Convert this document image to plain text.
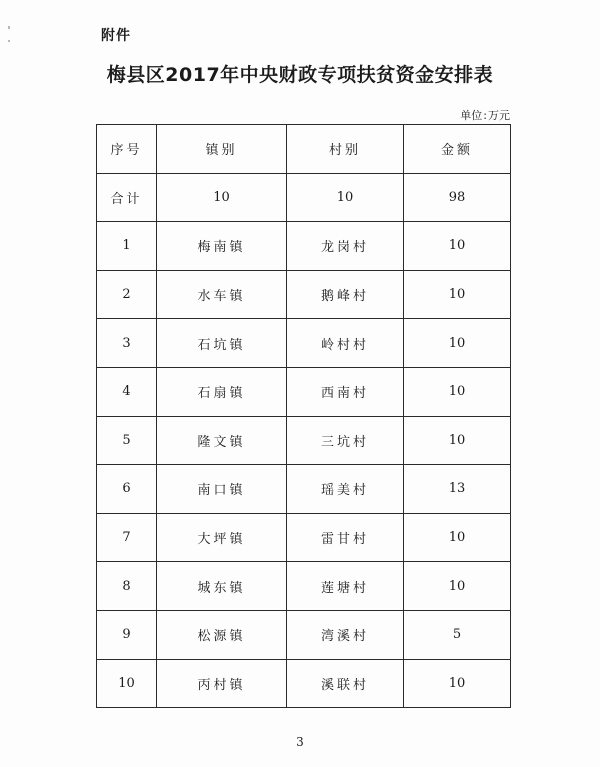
附件
梅县区2017年中央财政专项扶贫资金安排表
单位:万元
序号	镇别	村别	金额
合计	10	10	98
1	梅南镇	龙岗村	10
2	水车镇	鹅峰村	10
3	石坑镇	岭村村	10
4	石扇镇	西南村	10
5	隆文镇	三坑村	10
6	南口镇	瑶美村	13
7	大坪镇	雷甘村	10
8	城东镇	莲塘村	10
9	松源镇	湾溪村	5
10	丙村镇	溪联村	10
3
